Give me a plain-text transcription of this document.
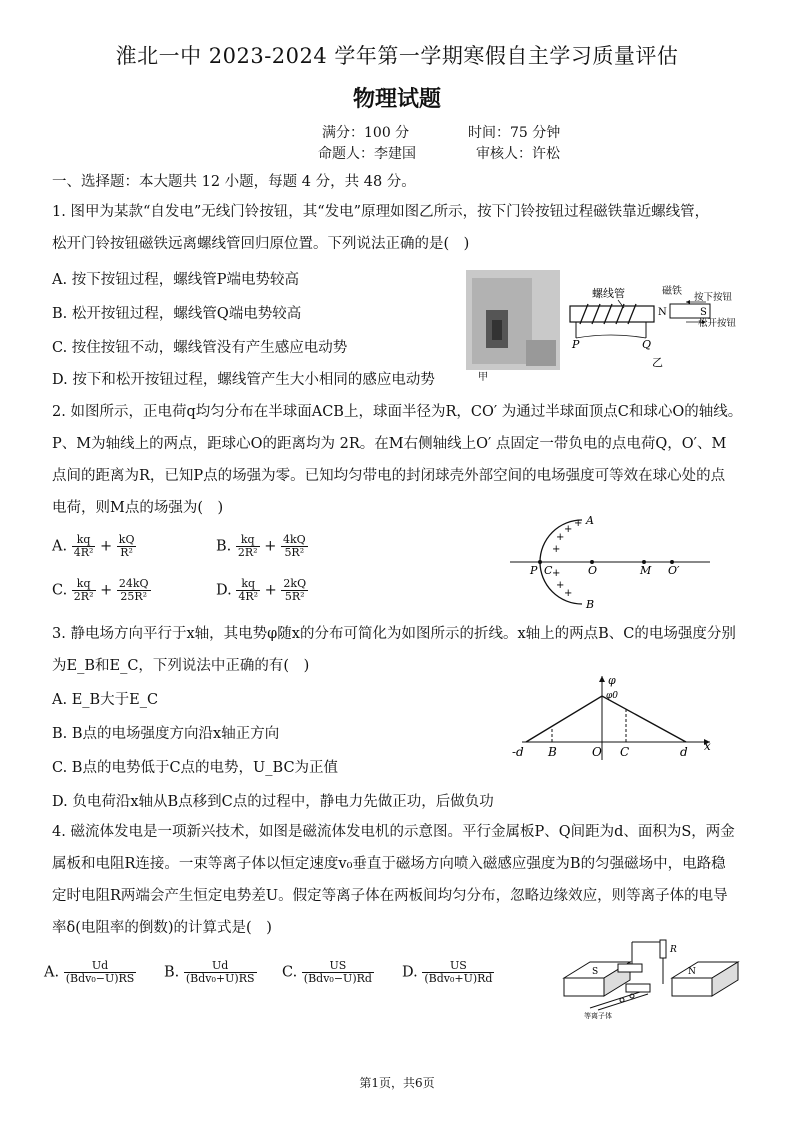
淮北一中 2023-2024 学年第一学期寒假自主学习质量评估
物理试题
满分：100 分	时间：75 分钟
命题人：李建国	审核人：许松
一、选择题：本大题共 12 小题，每题 4 分，共 48 分。
1. 图甲为某款“自发电”无线门铃按钮，其“发电”原理如图乙所示，按下门铃按钮过程磁铁靠近螺线管，
松开门铃按钮磁铁远离螺线管回归原位置。下列说法正确的是(　)
A. 按下按钮过程，螺线管P端电势较高
B. 松开按钮过程，螺线管Q端电势较高
C. 按住按钮不动，螺线管没有产生感应电动势
D. 按下和松开按钮过程，螺线管产生大小相同的感应电动势	甲
螺线管
P	Q
乙
磁铁
N	S
按下按钮
松开按钮
2. 如图所示，正电荷q均匀分布在半球面ACB上，球面半径为R，CO′ 为通过半球面顶点C和球心O的轴线。
P、M为轴线上的两点，距球心O的距离均为 2R。在M右侧轴线上O′ 点固定一带负电的点电荷Q，O′、M
点间的距离为R，已知P点的场强为零。已知均匀带电的封闭球壳外部空间的电场强度可等效在球心处的点
电荷，则M点的场强为(　)
A. $\frac{kq}{\text{4R²}} + \frac{kQ}{\text{R²}}$	B. $\frac{kq}{\text{2R²}} + \frac{4kQ}{\text{5R²}}$
C. $\frac{kq}{\text{2R²}} + \frac{24kQ}{\text{25R²}}$	D. $\frac{kq}{\text{4R²}} + \frac{2kQ}{\text{5R²}}$
+
+
+
+
+
+
+
A
B
P C	O	M O′
3. 静电场方向平行于x轴，其电势φ随x的分布可简化为如图所示的折线。x轴上的两点B、C的电场强度分别
为E_B和E_C，下列说法中正确的有(　)
A. E_B大于E_C
B. B点的电场强度方向沿x轴正方向
C. B点的电势低于C点的电势，U_BC为正值
D. 负电荷沿x轴从B点移到C点的过程中，静电力先做正功，后做负功
φ
φ0
-d B	O C	d x
4. 磁流体发电是一项新兴技术，如图是磁流体发电机的示意图。平行金属板P、Q间距为d、面积为S，两金
属板和电阻R连接。一束等离子体以恒定速度v₀垂直于磁场方向喷入磁感应强度为B的匀强磁场中，电路稳
定时电阻R两端会产生恒定电势差U。假定等离子体在两板间均匀分布，忽略边缘效应，则等离子体的电导
率δ(电阻率的倒数)的计算式是(　)
A. $\frac{Ud}{\text{(Bdv₀−U)RS}} B$. $\frac{Ud}{\text{(Bdv₀+U)RS}} C$. $\frac{US}{\text{(Bdv₀−U)Rd}} D$. $\frac{US}{\text{(Bdv₀+U)Rd}}$	S	N
R
等离子体
第1页，共6页
